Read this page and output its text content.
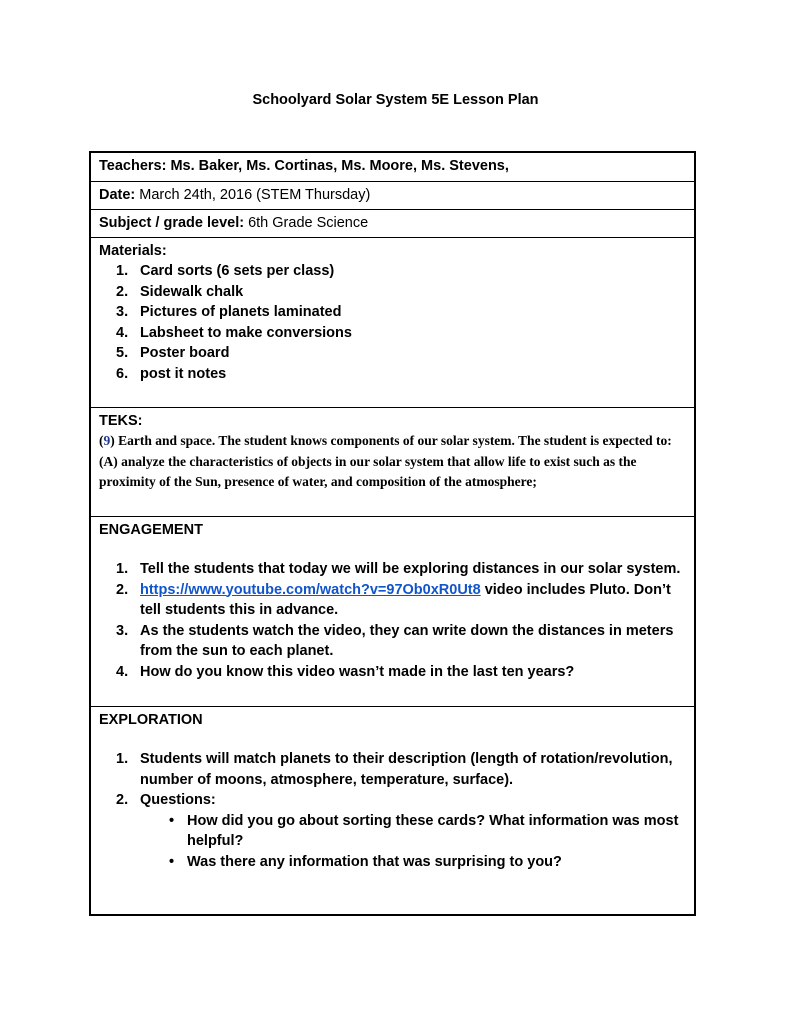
Schoolyard Solar System 5E Lesson Plan
Teachers: Ms. Baker, Ms. Cortinas, Ms. Moore, Ms. Stevens,
Date: March 24th, 2016 (STEM Thursday)
Subject / grade level: 6th Grade Science
Materials:
1. Card sorts (6 sets per class)
2. Sidewalk chalk
3. Pictures of planets laminated
4. Labsheet to make conversions
5. Poster board
6. post it notes
TEKS:
(9) Earth and space. The student knows components of our solar system. The student is expected to:
(A) analyze the characteristics of objects in our solar system that allow life to exist such as the proximity of the Sun, presence of water, and composition of the atmosphere;
ENGAGEMENT
1. Tell the students that today we will be exploring distances in our solar system.
2. https://www.youtube.com/watch?v=97Ob0xR0Ut8 video includes Pluto. Don’t tell students this in advance.
3. As the students watch the video, they can write down the distances in meters from the sun to each planet.
4. How do you know this video wasn’t made in the last ten years?
EXPLORATION
1. Students will match planets to their description (length of rotation/revolution, number of moons, atmosphere, temperature, surface).
2. Questions:
• How did you go about sorting these cards? What information was most helpful?
• Was there any information that was surprising to you?
